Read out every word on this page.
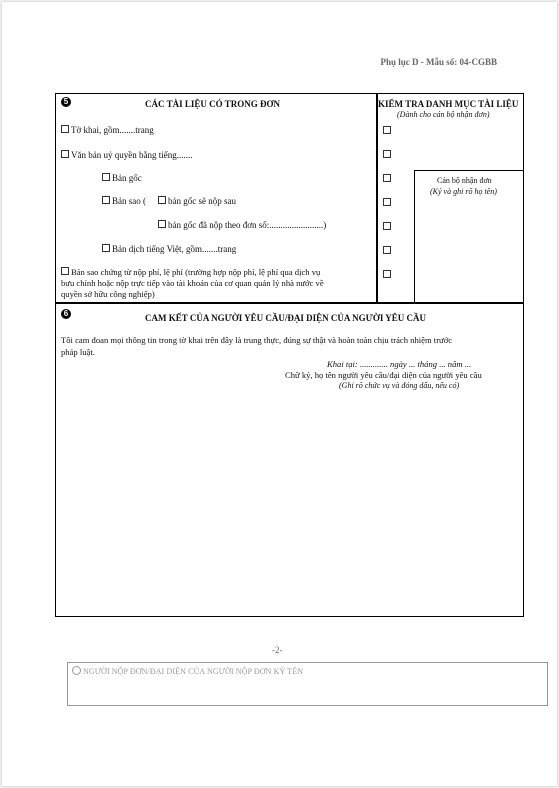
Phụ lục D - Mẫu số: 04-CGBB
5	CÁC TÀI LIỆU CÓ TRONG ĐƠN
Tờ khai, gồm.......trang
Văn bản uỷ quyền bằng tiếng.......
Bản gốc
Bản sao ( bản gốc sẽ nộp sau
bản gốc đã nộp theo đơn số:........................)
Bản dịch tiếng Việt, gồm.......trang
Bản sao chứng từ nộp phí, lệ phí (trường hợp nộp phí, lệ phí qua dịch vụ
bưu chính hoặc nộp trực tiếp vào tài khoản của cơ quan quản lý nhà nước về
quyền sở hữu công nghiệp)
KIỂM TRA DANH MỤC TÀI LIỆU
(Dành cho cán bộ nhận đơn)
Cán bộ nhận đơn
(Ký và ghi rõ họ tên)
6	CAM KẾT CỦA NGƯỜI YÊU CẦU/ĐẠI DIỆN CỦA NGƯỜI YÊU CẦU
Tôi cam đoan mọi thông tin trong tờ khai trên đây là trung thực, đúng sự thật và hoàn toàn chịu trách nhiệm trước
pháp luật.
Khai tại: ............. ngày ... tháng ... năm ...
Chữ ký, họ tên người yêu cầu/đại diện của người yêu cầu
(Ghi rõ chức vụ và đóng dấu, nếu có)
-2-
NGƯỜI NỘP ĐƠN/ĐẠI DIỆN CỦA NGƯỜI NỘP ĐƠN KÝ TÊN
